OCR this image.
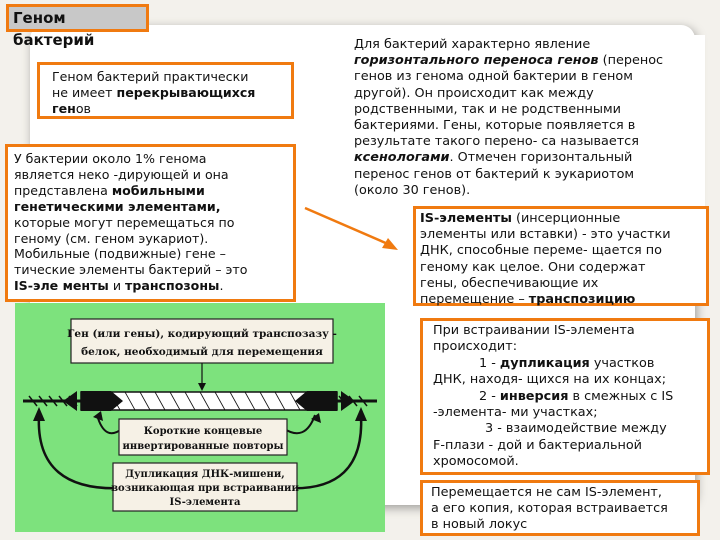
Геном бактерий
Геном бактерий практически
не имеет перекрывающихся
генов
У бактерии около 1% генома
является неко -дирующей и она
представлена мобильными
генетическими элементами,
которые могут перемещаться по
геному (см. геном эукариот).
Мобильные (подвижные) гене –
тические элементы бактерий – это
IS-эле менты и транспозоны.
Для бактерий характерно явление
горизонтального переноса генов (перенос
генов из генома одной бактерии в геном
другой). Он происходит как между
родственными, так и не родственными
бактериями. Гены, которые появляется в
результате такого перено- са называется
ксенологами. Отмечен горизонтальный
перенос генов от бактерий к эукариотом
(около 30 генов).
IS-элементы (инсерционные
элементы или вставки) - это участки
ДНК, способные переме- щается по
геному как целое. Они содержат
гены, обеспечивающие их
перемещение – транспозицию
При встраивании IS-элемента
происходит:
1 - дупликация участков
ДНК, находя- щихся на их концах;
2 - инверсия в смежных с IS
-элемента- ми участках;
3 - взаимодействие между
F-плази - дой и бактериальной
хромосомой.
Перемещается не сам IS-элемент,
а его копия, которая встраивается
в новый локус
Ген (или гены), кодирующий транспозазу -
белок, необходимый для перемещения
Короткие концевые
инвертированные повторы
Дупликация ДНК-мишени,
возникающая при встраивании
IS-элемента
